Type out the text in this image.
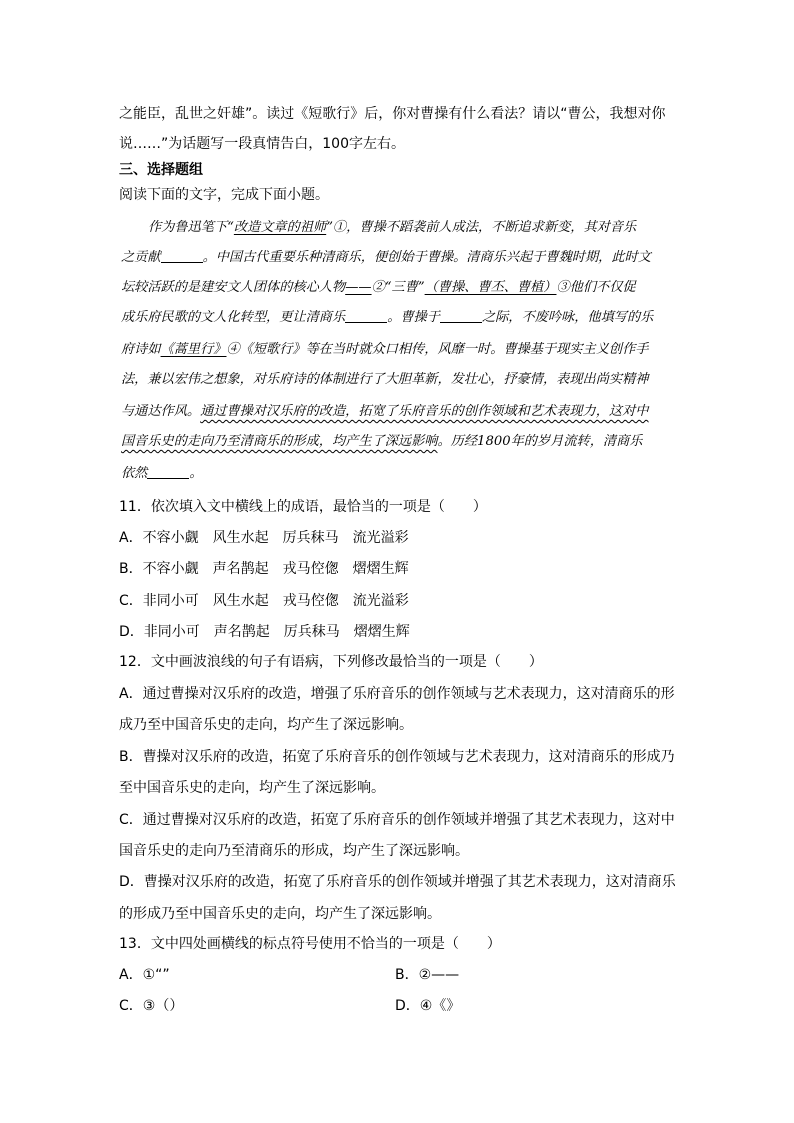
之能臣，乱世之奸雄”。读过《短歌行》后，你对曹操有什么看法？请以“曹公，我想对你
说……”为话题写一段真情告白，100字左右。
三、选择题组
阅读下面的文字，完成下面小题。
作为鲁迅笔下“改造文章的祖师”①，曹操不蹈袭前人成法，不断追求新变，其对音乐
之贡献	。中国古代重要乐种清商乐，便创始于曹操。清商乐兴起于曹魏时期，此时文
坛较活跃的是建安文人团体的核心人物——②“三曹”（曹操、曹丕、曹植）③他们不仅促
成乐府民歌的文人化转型，更让清商乐	。曹操于	之际，不废吟咏，他填写的乐
府诗如《蒿里行》④《短歌行》等在当时就众口相传，风靡一时。曹操基于现实主义创作手
法，兼以宏伟之想象，对乐府诗的体制进行了大胆革新，发壮心，抒豪情，表现出尚实精神
与通达作风。通过曹操对汉乐府的改造，拓宽了乐府音乐的创作领域和艺术表现力，这对中
国音乐史的走向乃至清商乐的形成，均产生了深远影响。历经1800年的岁月流转，清商乐
依然	。
11．依次填入文中横线上的成语，最恰当的一项是（　　）
A．不容小觑　风生水起　厉兵秣马　流光溢彩
B．不容小觑　声名鹊起　戎马倥偬　熠熠生辉
C．非同小可　风生水起　戎马倥偬　流光溢彩
D．非同小可　声名鹊起　厉兵秣马　熠熠生辉
12．文中画波浪线的句子有语病，下列修改最恰当的一项是（　　）
A．通过曹操对汉乐府的改造，增强了乐府音乐的创作领域与艺术表现力，这对清商乐的形
成乃至中国音乐史的走向，均产生了深远影响。
B．曹操对汉乐府的改造，拓宽了乐府音乐的创作领域与艺术表现力，这对清商乐的形成乃
至中国音乐史的走向，均产生了深远影响。
C．通过曹操对汉乐府的改造，拓宽了乐府音乐的创作领域并增强了其艺术表现力，这对中
国音乐史的走向乃至清商乐的形成，均产生了深远影响。
D．曹操对汉乐府的改造，拓宽了乐府音乐的创作领域并增强了其艺术表现力，这对清商乐
的形成乃至中国音乐史的走向，均产生了深远影响。
13．文中四处画横线的标点符号使用不恰当的一项是（　　）
A．①“”	B．②——
C．③（）	D．④《》
